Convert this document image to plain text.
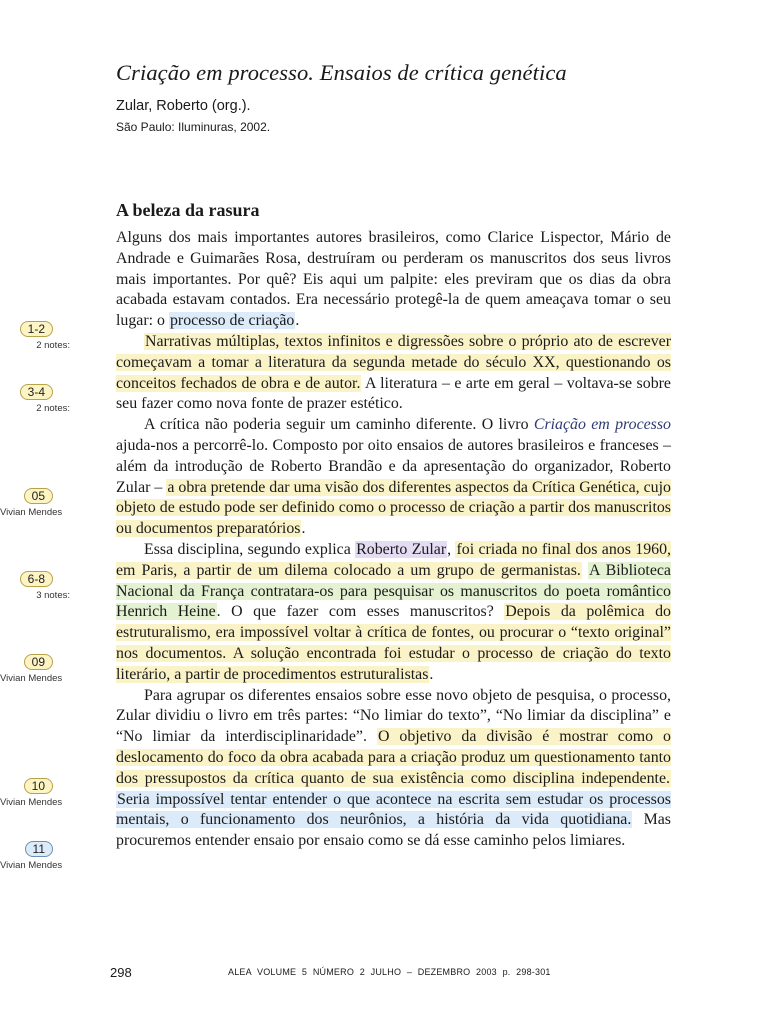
Criação em processo. Ensaios de crítica genética
Zular, Roberto (org.).
São Paulo: Iluminuras, 2002.
A beleza da rasura

Alguns dos mais importantes autores brasileiros, como Clarice Lispector, Mário de Andrade e Guimarães Rosa, destruíram ou perderam os manuscritos dos seus livros mais importantes. Por quê? Eis aqui um palpite: eles previram que os dias da obra acabada estavam contados. Era necessário protegê-la de quem ameaçava tomar o seu lugar: o processo de criação.

Narrativas múltiplas, textos infinitos e digressões sobre o próprio ato de escrever começavam a tomar a literatura da segunda metade do século XX, questionando os conceitos fechados de obra e de autor. A literatura – e arte em geral – voltava-se sobre seu fazer como nova fonte de prazer estético.

A crítica não poderia seguir um caminho diferente. O livro Criação em processo ajuda-nos a percorrê-lo. Composto por oito ensaios de autores brasileiros e franceses – além da introdução de Roberto Brandão e da apresentação do organizador, Roberto Zular – a obra pretende dar uma visão dos diferentes aspectos da Crítica Genética, cujo objeto de estudo pode ser definido como o processo de criação a partir dos manuscritos ou documentos preparatórios.

Essa disciplina, segundo explica Roberto Zular, foi criada no final dos anos 1960, em Paris, a partir de um dilema colocado a um grupo de germanistas. A Biblioteca Nacional da França contratara-os para pesquisar os manuscritos do poeta romântico Henrich Heine. O que fazer com esses manuscritos? Depois da polêmica do estruturalismo, era impossível voltar à crítica de fontes, ou procurar o “texto original” nos documentos. A solução encontrada foi estudar o processo de criação do texto literário, a partir de procedimentos estruturalistas.

Para agrupar os diferentes ensaios sobre esse novo objeto de pesquisa, o processo, Zular dividiu o livro em três partes: “No limiar do texto”, “No limiar da disciplina” e “No limiar da interdisciplinaridade”. O objetivo da divisão é mostrar como o deslocamento do foco da obra acabada para a criação produz um questionamento tanto dos pressupostos da crítica quanto de sua existência como disciplina independente. Seria impossível tentar entender o que acontece na escrita sem estudar os processos mentais, o funcionamento dos neurônios, a história da vida quotidiana. Mas procuremos entender ensaio por ensaio como se dá esse caminho pelos limiares.

1-2
2 notes:
3-4
2 notes:
05
Vivian Mendes
6-8
3 notes:
09
Vivian Mendes
10
Vivian Mendes
11
Vivian Mendes
298	ALEA VOLUME 5 NÚMERO 2 JULHO – DEZEMBRO 2003 p. 298-301
